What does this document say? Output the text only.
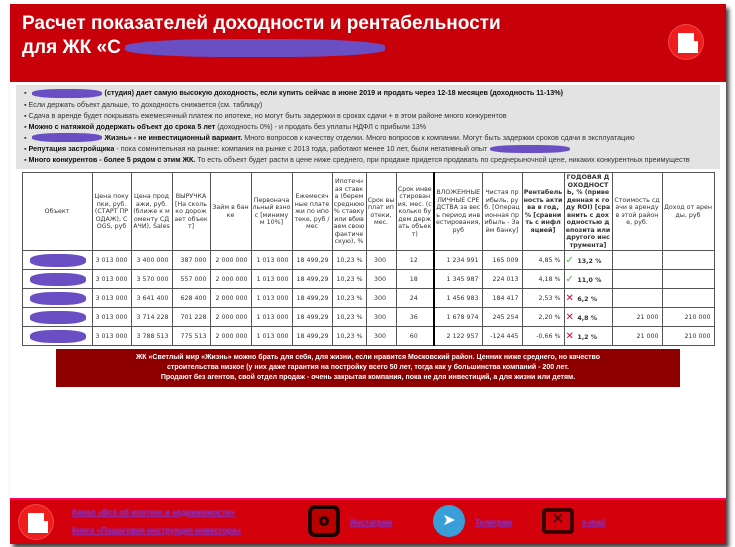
Расчет показателей доходности и рентабельности
для ЖК «С

▪	(студия) дает самую высокую доходность, если купить сейчас в июне 2019 и продать через 12-18 месяцев (доходность 11-13%)

▪ Если держать объект дальше, то доходность снижается (см. таблицу)

▪ Сдача в аренде будет покрывать ежемесячный платеж по ипотеке, но могут быть задержки в сроках сдачи + в этом районе много конкурентов

▪ Можно с натяжкой додержать объект до срока 5 лет (доходность 0%) - и продать без уплаты НДФЛ с прибыли 13%

▪	Жизнь» - не инвестиционный вариант. Много вопросов к качеству отделки. Много вопросов к компании. Могут быть задержки сроков сдачи в эксплуатацию

▪ Репутация застройщика - пока сомнительная на рынке: компания на рынке с 2013 года, работают менее 10 лет, были негативный опыт

▪ Много конкурентов - более 5 рядом с этим ЖК. То есть объект будет расти в цене ниже среднего, при продаже придется продавать по среднерыночной цене, никаких конкурентных преимуществ

Объект	Цена покупки, руб. (СТАРТ ПРОДАЖ), COGS, руб	Цена продажи, руб. (ближе к моменту СДАЧИ), Sales	ВЫРУЧКА [На сколько дорожает объект]	Займ в банке	Первоначальный взнос [минимум 10%]	Ежемесячные платежи по ипотеке, руб / мес	Ипотечная ставка (берем среднюю % ставку или вбиваем свою фактическую), %	Срок выплат ипотеки, мес.	Срок инвестирования, мес. (сколько будем держать объект)	ВЛОЖЕННЫЕ ЛИЧНЫЕ СРЕДСТВА за весь период инвестирования, руб	Чистая прибыль, руб. [Операционная прибыль - Займ банку]	Рентабельность актива в год, % [сравнить с инфляцией]	ГОДОВАЯ ДОХОДНОСТЬ, % (приведенная к году ROI) [сравнить с доходностью депозита или другого инструмента]	Стоимость сдачи в аренду в этой районе, руб.	Доход от аренды, руб
	3 013 000	3 400 000	387 000	2 000 000	1 013 000	18 499,29	10,23 %	300	12	1 234 991	165 009	4,85 %	✓ 13,2 %		
	3 013 000	3 570 000	557 000	2 000 000	1 013 000	18 499,29	10,23 %	300	18	1 345 987	224 013	4,18 %	✓ 11,0 %		
	3 013 000	3 641 400	628 400	2 000 000	1 013 000	18 499,29	10,23 %	300	24	1 456 983	184 417	2,53 %	✕ 6,2 %		
	3 013 000	3 714 228	701 228	2 000 000	1 013 000	18 499,29	10,23 %	300	36	1 678 974	245 254	2,20 %	✕ 4,8 %	21 000	210 000
	3 013 000	3 788 513	775 513	2 000 000	1 013 000	18 499,29	10,23 %	300	60	2 122 957	-124 445	-0,66 %	✕ 1,2 %	21 000	210 000
ЖК «Светлый мир «Жизнь» можно брать для себя, для жизни, если нравится Московский район. Ценник ниже среднего, но качество
строительства низкое (у них даже гарантия на постройку всего 50 лет, тогда как у большинства компаний - 200 лет.
Продают без агентов, свой отдел продаж - очень закрытая компания, пока не для инвестиций, а для жизни или детям.
Канал «Всё об ипотеке и недвижимости»
Книга «Пошаговая инструкция инвестора»
Инстаграм	➤	Телеграм	✕	e-mail
